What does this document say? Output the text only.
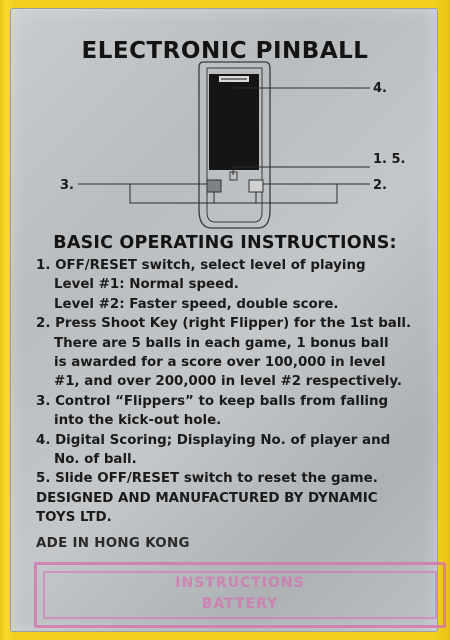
ELECTRONIC PINBALL
4.
1. 5.
3.	2.
BASIC OPERATING INSTRUCTIONS:
1. OFF/RESET switch, select level of playing
Level #1: Normal speed.
Level #2: Faster speed, double score.
2. Press Shoot Key (right Flipper) for the 1st ball.
There are 5 balls in each game, 1 bonus ball
is awarded for a score over 100,000 in level
#1, and over 200,000 in level #2 respectively.
3. Control “Flippers” to keep balls from falling
into the kick-out hole.
4. Digital Scoring; Displaying No. of player and
No. of ball.
5. Slide OFF/RESET switch to reset the game.
DESIGNED AND MANUFACTURED BY DYNAMIC
TOYS LTD.
ADE IN HONG KONG
INSTRUCTIONS
BATTERY
